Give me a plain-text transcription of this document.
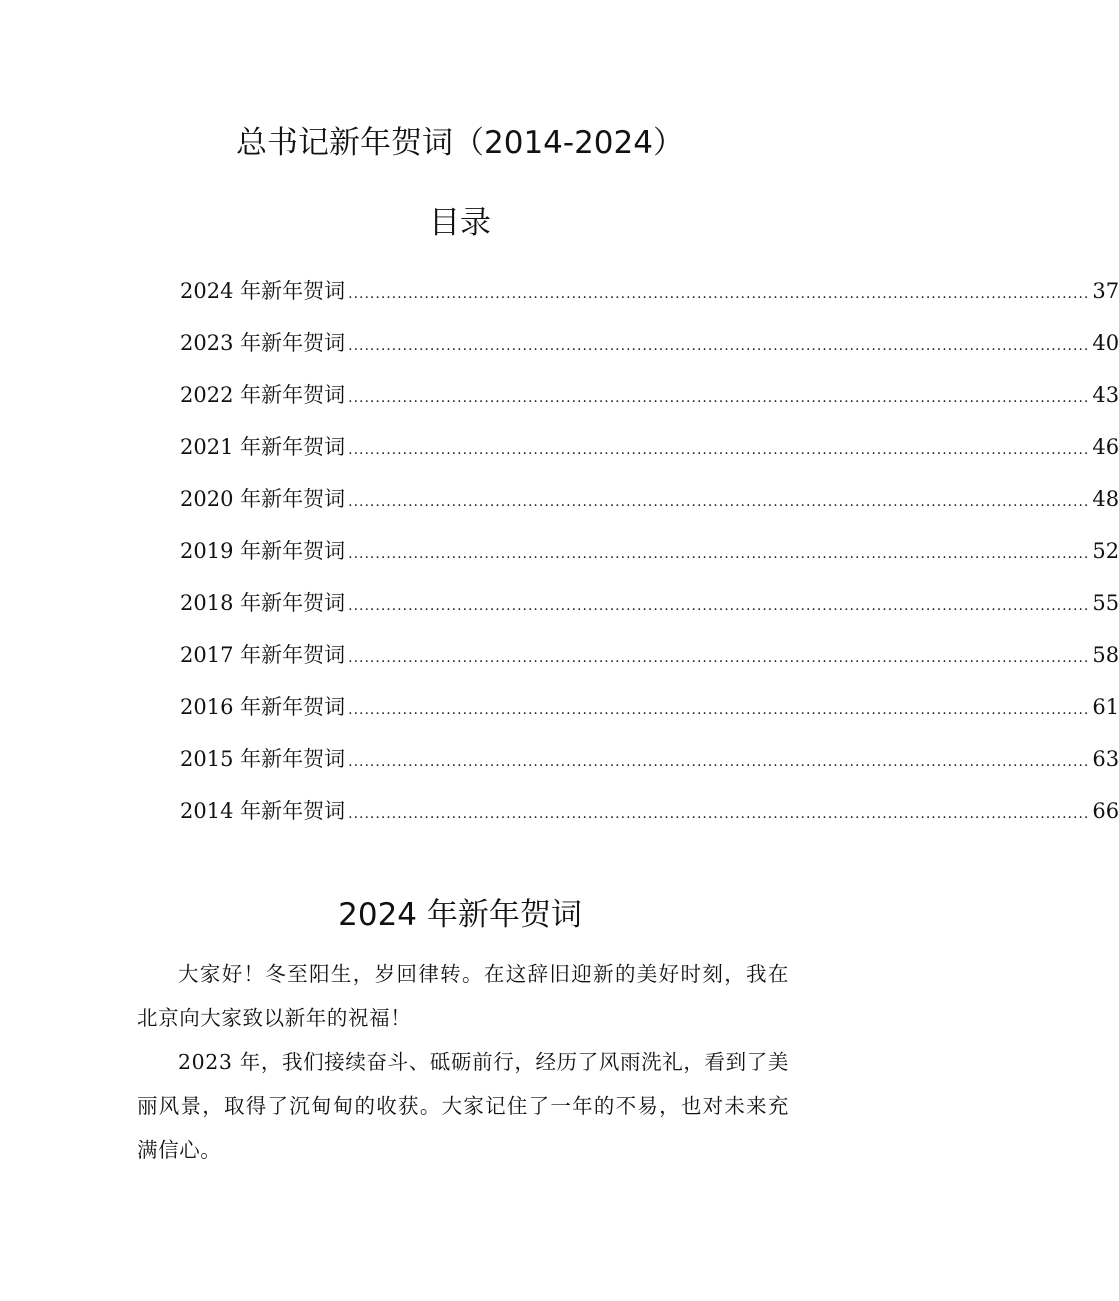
总书记新年贺词（2014-2024）
目录
2024 年新年贺词 ........................................................................................................................................ 37
2023 年新年贺词 ........................................................................................................................................ 40
2022 年新年贺词 ........................................................................................................................................ 43
2021 年新年贺词 ........................................................................................................................................ 46
2020 年新年贺词 ........................................................................................................................................ 48
2019 年新年贺词 ........................................................................................................................................ 52
2018 年新年贺词 ........................................................................................................................................ 55
2017 年新年贺词 ........................................................................................................................................ 58
2016 年新年贺词 ........................................................................................................................................ 61
2015 年新年贺词 ........................................................................................................................................ 63
2014 年新年贺词 ........................................................................................................................................ 66
2024 年新年贺词

大家好！冬至阳生，岁回律转。在这辞旧迎新的美好时刻，我在北京向大家致以新年的祝福！

2023 年，我们接续奋斗、砥砺前行，经历了风雨洗礼，看到了美丽风景，取得了沉甸甸的收获。大家记住了一年的不易，也对未来充满信心。
